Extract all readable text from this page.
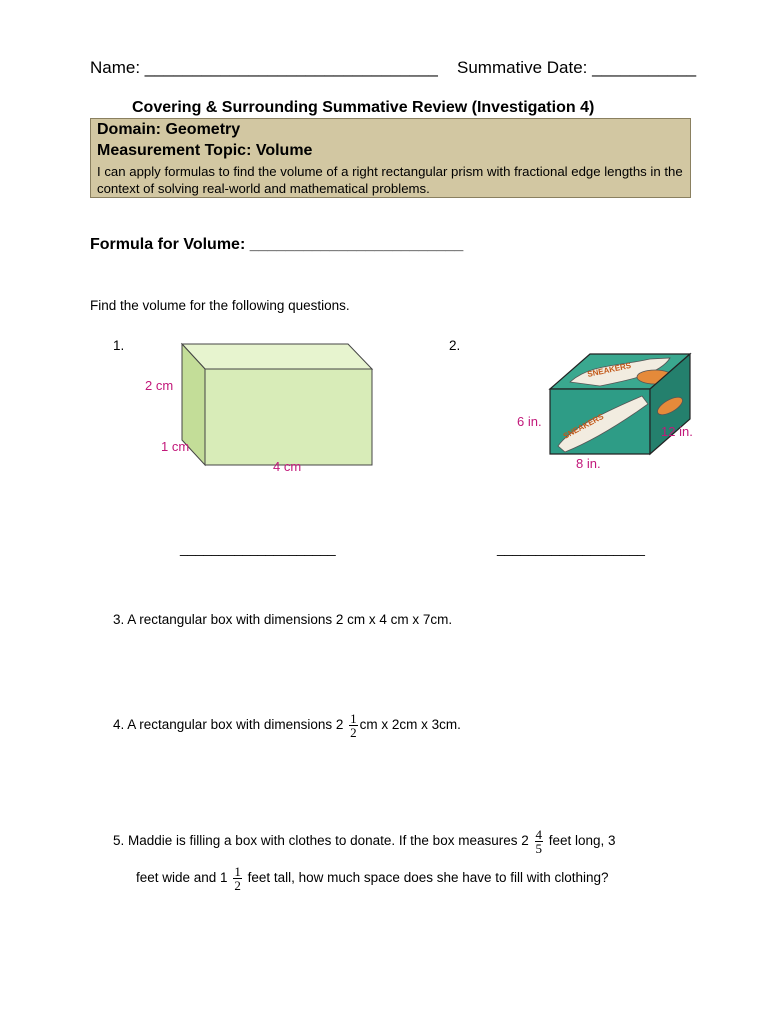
Name: _______________________________ Summative Date: ___________
Covering & Surrounding Summative Review (Investigation 4)
Domain: Geometry
Measurement Topic: Volume
I can apply formulas to find the volume of a right rectangular prism with fractional edge lengths in the context of solving real-world and mathematical problems.
Formula for Volume: ________________________
Find the volume for the following questions.
1.
2 cm
1 cm
4 cm
2.
SNEAKERS
SNEAKERS
6 in.
12 in.
8 in.
____________________	___________________
3. A rectangular box with dimensions 2 cm x 4 cm x 7cm.
4. A rectangular box with dimensions $2 \frac{1}{2}$ cm x 2cm x 3cm.
5. Maddie is filling a box with clothes to donate. If the box measures $2 \frac{4}{5}$ feet long, 3
feet wide and $1 \frac{1}{2}$ feet tall, how much space does she have to fill with clothing?
